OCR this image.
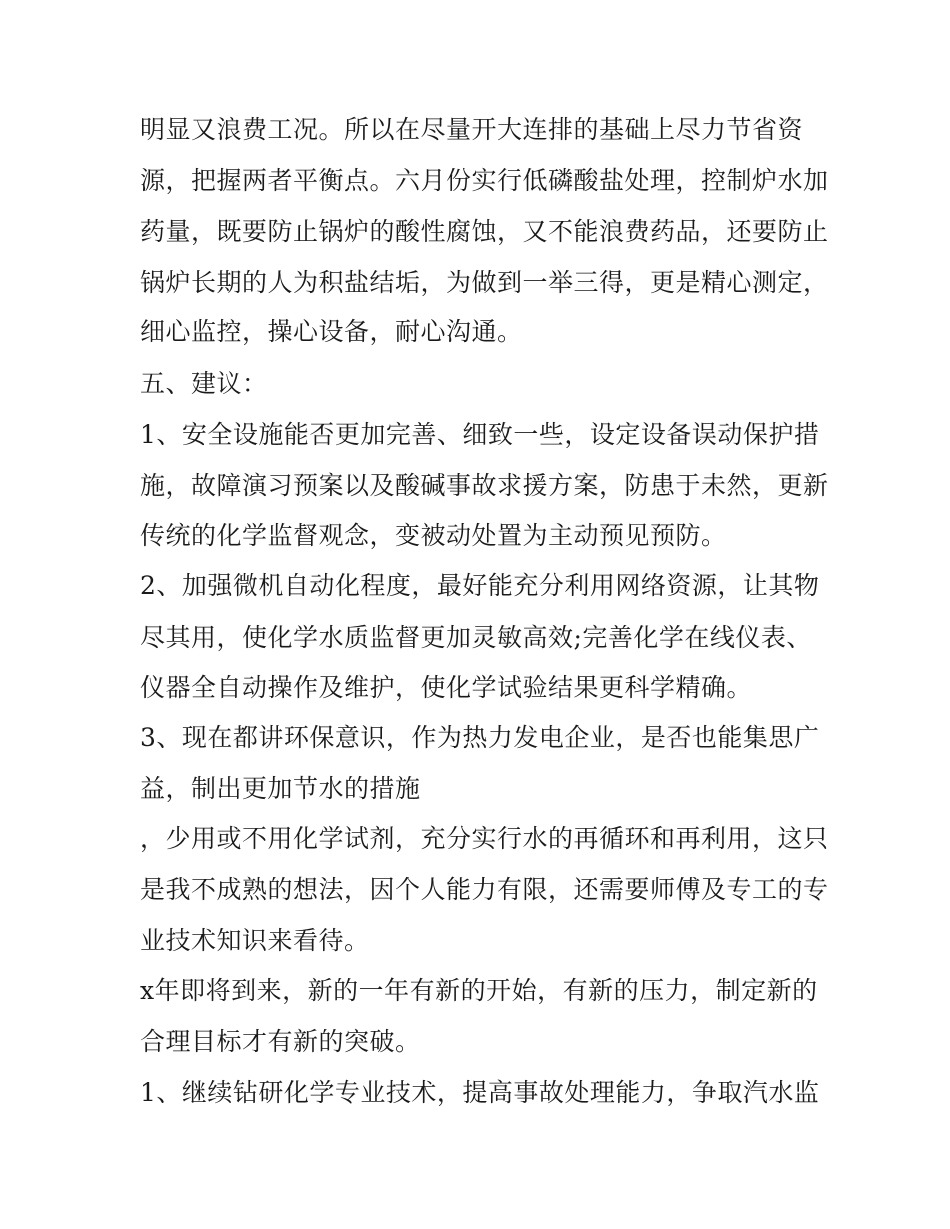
明显又浪费工况。所以在尽量开大连排的基础上尽力节省资
源，把握两者平衡点。六月份实行低磷酸盐处理，控制炉水加
药量，既要防止锅炉的酸性腐蚀，又不能浪费药品，还要防止
锅炉长期的人为积盐结垢，为做到一举三得，更是精心测定，
细心监控，操心设备，耐心沟通。
五、建议：
1、安全设施能否更加完善、细致一些，设定设备误动保护措
施，故障演习预案以及酸碱事故求援方案，防患于未然，更新
传统的化学监督观念，变被动处置为主动预见预防。
2、加强微机自动化程度，最好能充分利用网络资源，让其物
尽其用，使化学水质监督更加灵敏高效;完善化学在线仪表、
仪器全自动操作及维护，使化学试验结果更科学精确。
3、现在都讲环保意识，作为热力发电企业，是否也能集思广
益，制出更加节水的措施
，少用或不用化学试剂，充分实行水的再循环和再利用，这只
是我不成熟的想法，因个人能力有限，还需要师傅及专工的专
业技术知识来看待。
x年即将到来，新的一年有新的开始，有新的压力，制定新的
合理目标才有新的突破。
1、继续钻研化学专业技术，提高事故处理能力，争取汽水监
